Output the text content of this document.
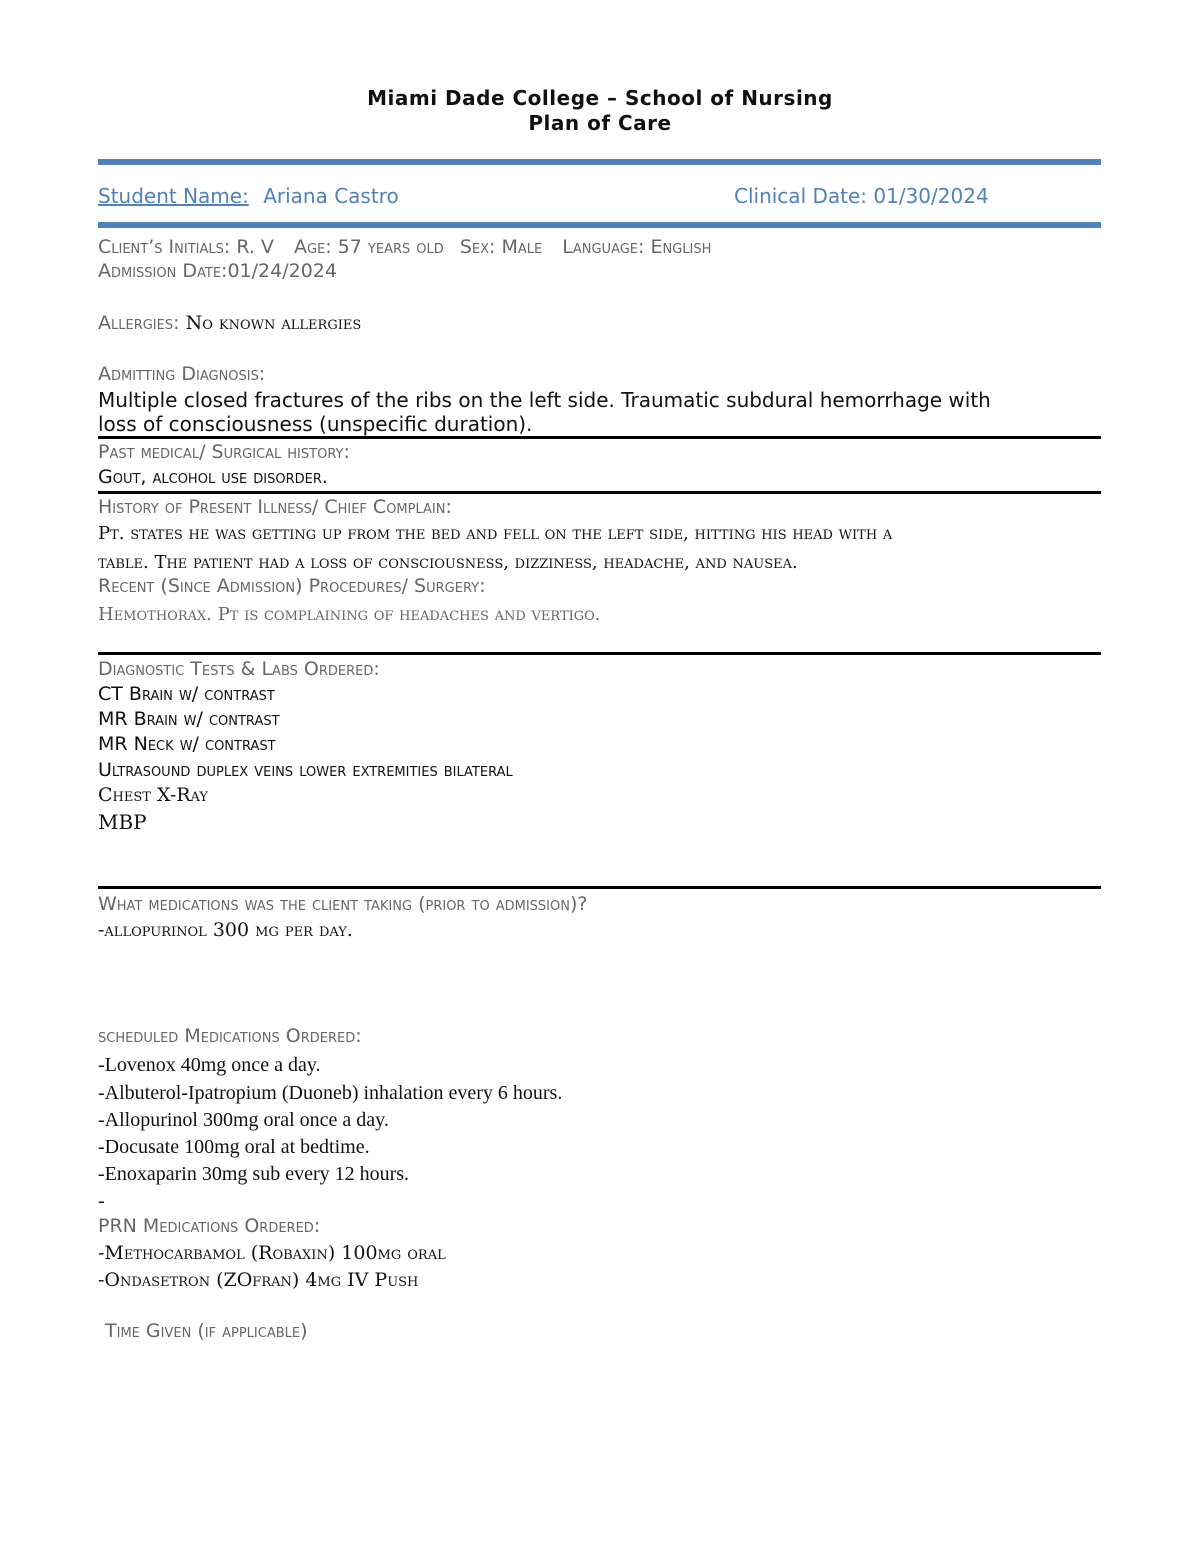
Miami Dade College – School of Nursing
Plan of Care
Student Name: Ariana Castro	Clinical Date: 01/30/2024
Client’s Initials: R. V Age: 57 years old Sex: Male Language: English
Admission Date:01/24/2024
Allergies: No known allergies
Admitting Diagnosis:
Multiple closed fractures of the ribs on the left side. Traumatic subdural hemorrhage with
loss of consciousness (unspecific duration).
Past medical/ Surgical history:
Gout, alcohol use disorder.
History of Present Illness/ Chief Complain:
Pt. states he was getting up from the bed and fell on the left side, hitting his head with a
table. The patient had a loss of consciousness, dizziness, headache, and nausea.
Recent (Since Admission) Procedures/ Surgery:
Hemothorax. Pt is complaining of headaches and vertigo.
Diagnostic Tests & Labs Ordered:
CT Brain w/ contrast
MR Brain w/ contrast
MR Neck w/ contrast
Ultrasound duplex veins lower extremities bilateral
Chest X-Ray
MBP
What medications was the client taking (prior to admission)?
-allopurinol 300 mg per day.
scheduled Medications Ordered:
-Lovenox 40mg once a day.
-Albuterol-Ipatropium (Duoneb) inhalation every 6 hours.
-Allopurinol 300mg oral once a day.
-Docusate 100mg oral at bedtime.
-Enoxaparin 30mg sub every 12 hours.
-
PRN Medications Ordered:
-Methocarbamol (Robaxin) 100mg oral
-Ondasetron (ZOfran) 4mg IV Push
Time Given (if applicable)
